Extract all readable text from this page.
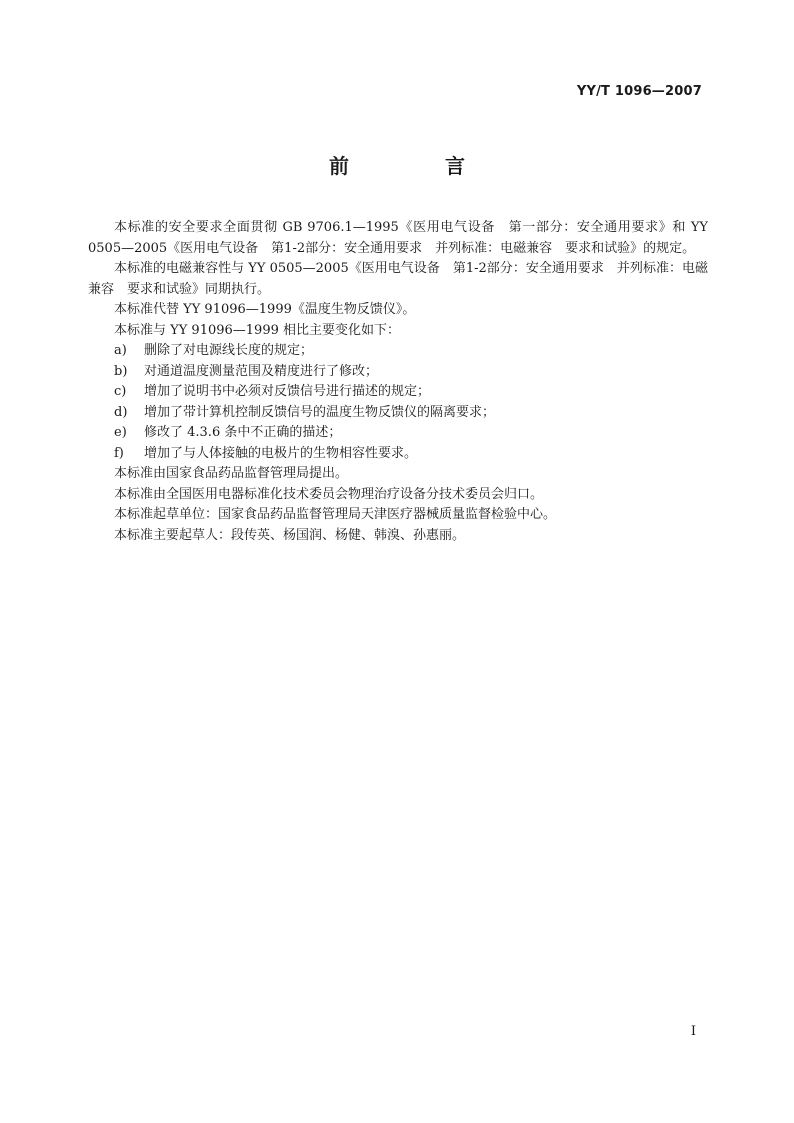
YY/T 1096—2007
前　言

本标准的安全要求全面贯彻 GB 9706.1—1995《医用电气设备　第一部分：安全通用要求》和 YY 0505—2005《医用电气设备　第1-2部分：安全通用要求　并列标准：电磁兼容　要求和试验》的规定。

本标准的电磁兼容性与 YY 0505—2005《医用电气设备　第1-2部分：安全通用要求　并列标准：电磁兼容　要求和试验》同期执行。

本标准代替 YY 91096—1999《温度生物反馈仪》。

本标准与 YY 91096—1999 相比主要变化如下：

a)	删除了对电源线长度的规定；

b)	对通道温度测量范围及精度进行了修改；

c)	增加了说明书中必须对反馈信号进行描述的规定；

d)	增加了带计算机控制反馈信号的温度生物反馈仪的隔离要求；

e)	修改了 4.3.6 条中不正确的描述；

f)	增加了与人体接触的电极片的生物相容性要求。

本标准由国家食品药品监督管理局提出。

本标准由全国医用电器标准化技术委员会物理治疗设备分技术委员会归口。

本标准起草单位：国家食品药品监督管理局天津医疗器械质量监督检验中心。

本标准主要起草人：段传英、杨国润、杨健、韩溴、孙惠丽。

I
